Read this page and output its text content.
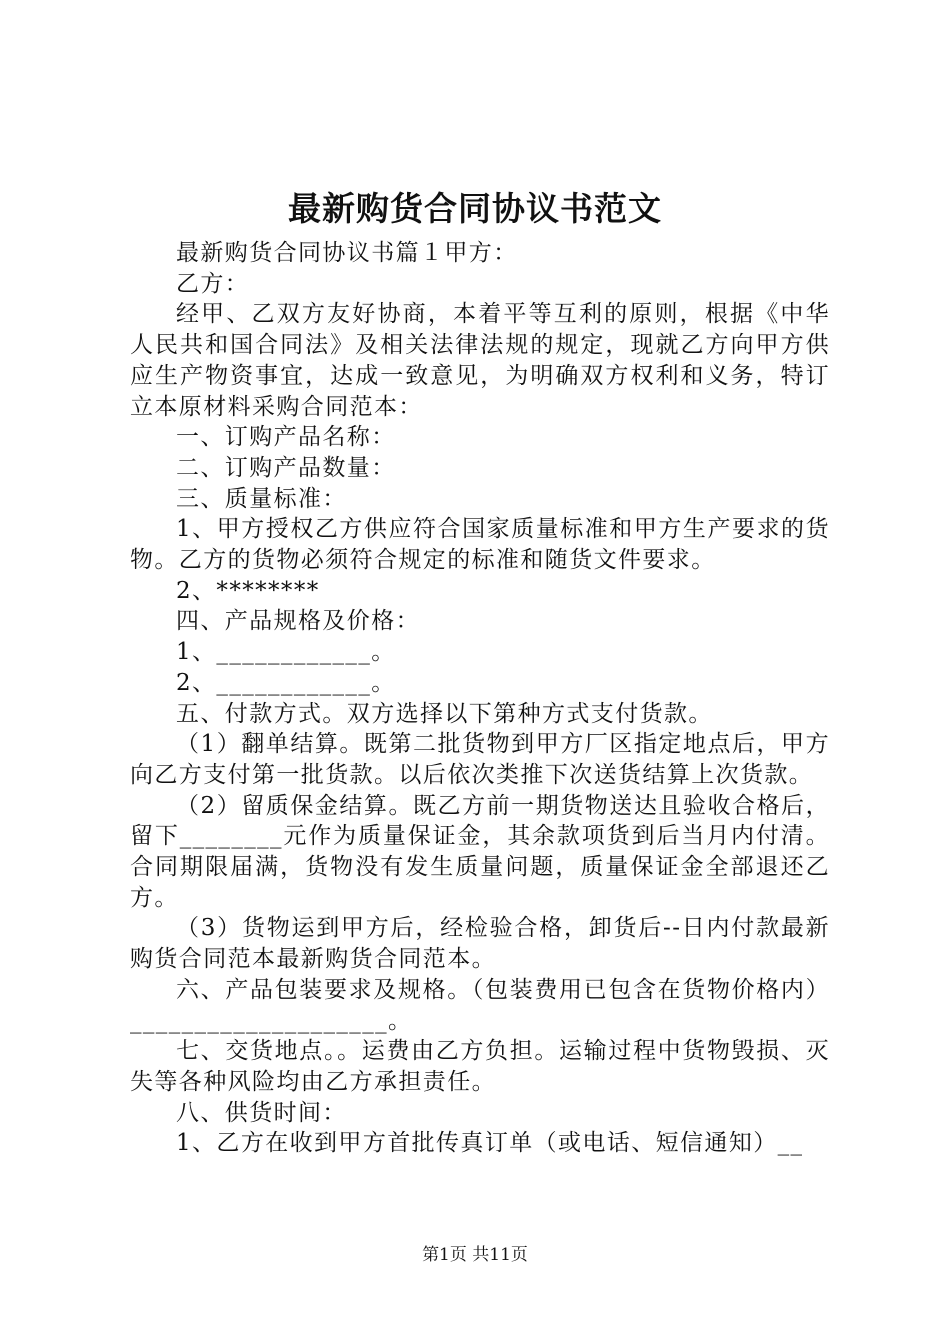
最新购货合同协议书范文

最新购货合同协议书篇１甲方：

乙方：

经甲、乙双方友好协商，本着平等互利的原则，根据《中华人民共和国合同法》及相关法律法规的规定，现就乙方向甲方供应生产物资事宜，达成一致意见，为明确双方权利和义务，特订立本原材料采购合同范本：

一、订购产品名称：

二、订购产品数量：

三、质量标准：

1、甲方授权乙方供应符合国家质量标准和甲方生产要求的货物。乙方的货物必须符合规定的标准和随货文件要求。

2、********

四、产品规格及价格：

1、____________。

2、____________。

五、付款方式。双方选择以下第种方式支付货款。

（1）翻单结算。既第二批货物到甲方厂区指定地点后，甲方向乙方支付第一批货款。以后依次类推下次送货结算上次货款。

（2）留质保金结算。既乙方前一期货物送达且验收合格后，留下________元作为质量保证金，其余款项货到后当月内付清。合同期限届满，货物没有发生质量问题，质量保证金全部退还乙方。

（3）货物运到甲方后，经检验合格，卸货后--日内付款最新购货合同范本最新购货合同范本。

六、产品包装要求及规格。（包装费用已包含在货物价格内）____________________。

七、交货地点。。运费由乙方负担。运输过程中货物毁损、灭失等各种风险均由乙方承担责任。

八、供货时间：

1、乙方在收到甲方首批传真订单（或电话、短信通知）__

第1页 共11页
